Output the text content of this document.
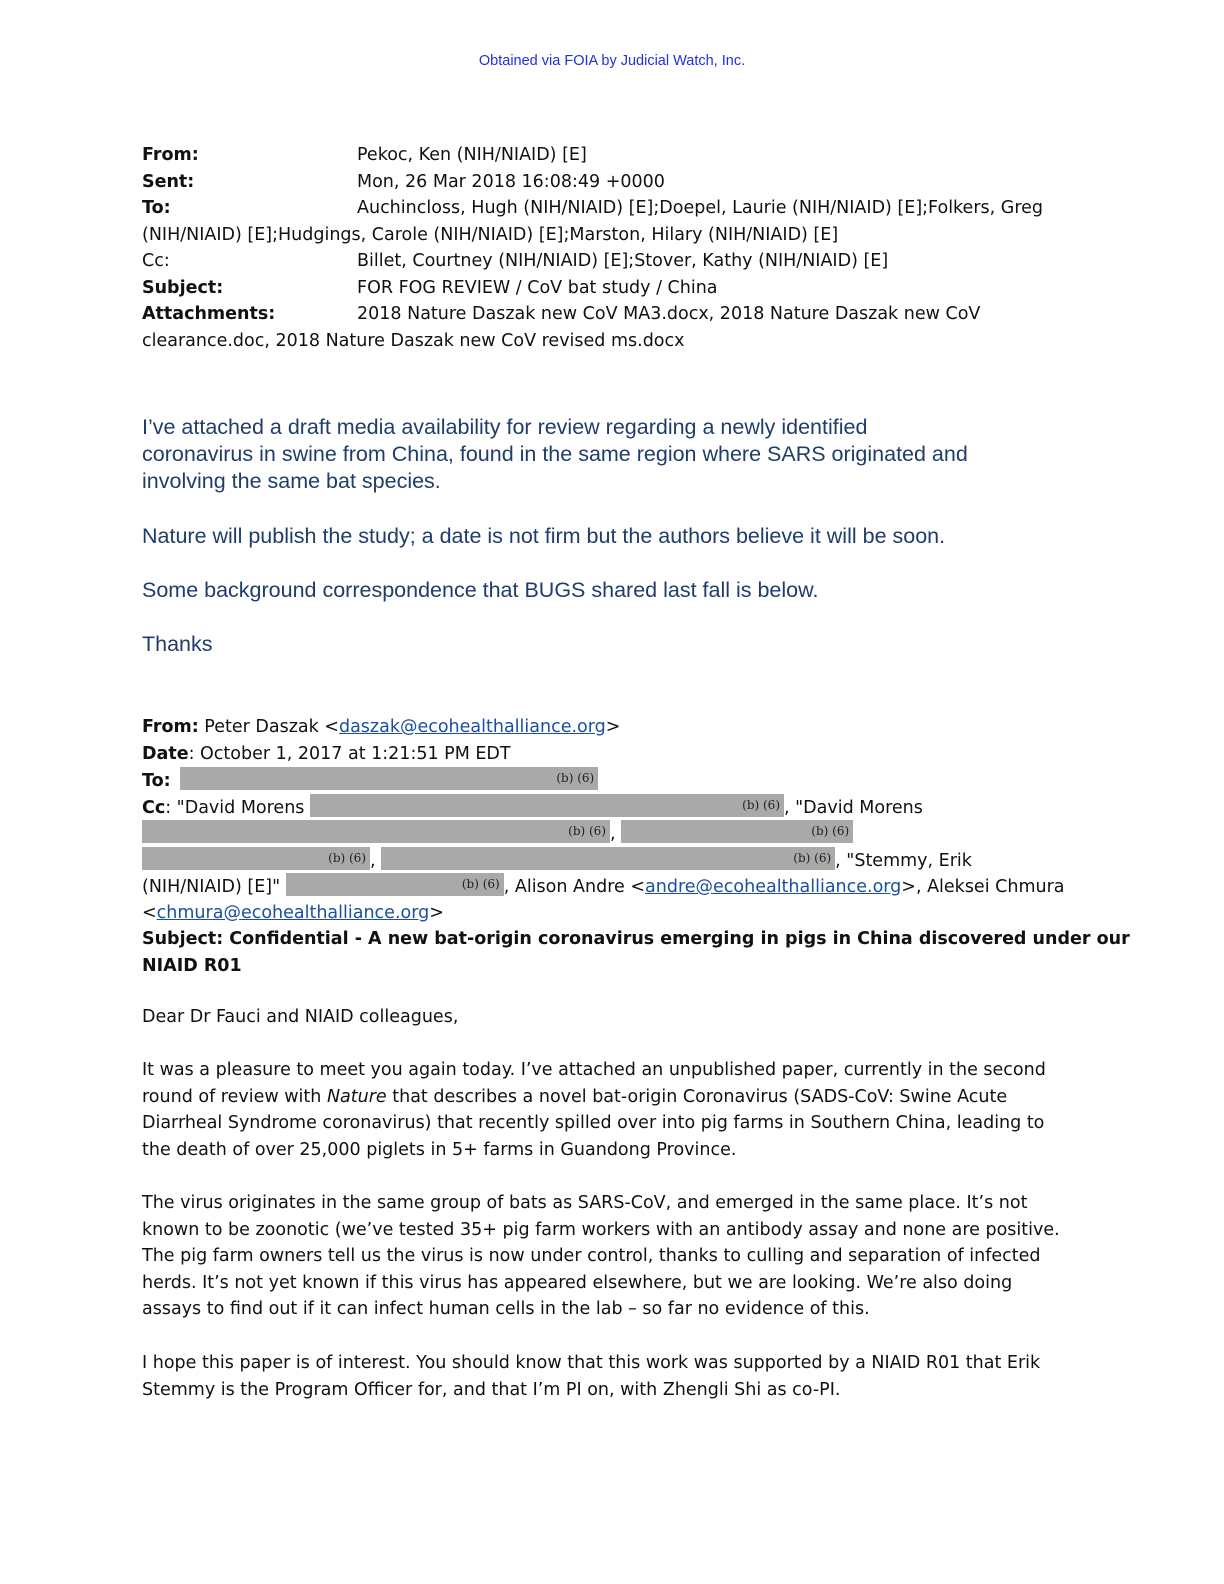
Obtained via FOIA by Judicial Watch, Inc.
From:	Pekoc, Ken (NIH/NIAID) [E]
Sent:	Mon, 26 Mar 2018 16:08:49 +0000
To:	Auchincloss, Hugh (NIH/NIAID) [E];Doepel, Laurie (NIH/NIAID) [E];Folkers, Greg
(NIH/NIAID) [E];Hudgings, Carole (NIH/NIAID) [E];Marston, Hilary (NIH/NIAID) [E]
Cc:	Billet, Courtney (NIH/NIAID) [E];Stover, Kathy (NIH/NIAID) [E]
Subject:	FOR FOG REVIEW / CoV bat study / China
Attachments:	2018 Nature Daszak new CoV MA3.docx, 2018 Nature Daszak new CoV
clearance.doc, 2018 Nature Daszak new CoV revised ms.docx

I’ve attached a draft media availability for review regarding a newly identified

coronavirus in swine from China, found in the same region where SARS originated and

involving the same bat species.

Nature will publish the study; a date is not firm but the authors believe it will be soon.

Some background correspondence that BUGS shared last fall is below.

Thanks

From: Peter Daszak <daszak@ecohealthalliance.org>
Date: October 1, 2017 at 1:21:51 PM EDT
To:	(b) (6)
Cc: "David Morens	(b) (6) , "David Morens
(b) (6) ,	(b) (6)
(b) (6) ,	(b) (6) , "Stemmy, Erik
(NIH/NIAID) [E]"	(b) (6) , Alison Andre <andre@ecohealthalliance.org>, Aleksei Chmura
<chmura@ecohealthalliance.org>
Subject: Confidential - A new bat-origin coronavirus emerging in pigs in China discovered under our
NIAID R01

Dear Dr Fauci and NIAID colleagues,

It was a pleasure to meet you again today. I’ve attached an unpublished paper, currently in the second

round of review with Nature that describes a novel bat-origin Coronavirus (SADS-CoV: Swine Acute

Diarrheal Syndrome coronavirus) that recently spilled over into pig farms in Southern China, leading to

the death of over 25,000 piglets in 5+ farms in Guandong Province.

The virus originates in the same group of bats as SARS-CoV, and emerged in the same place. It’s not

known to be zoonotic (we’ve tested 35+ pig farm workers with an antibody assay and none are positive.

The pig farm owners tell us the virus is now under control, thanks to culling and separation of infected

herds. It’s not yet known if this virus has appeared elsewhere, but we are looking. We’re also doing

assays to find out if it can infect human cells in the lab – so far no evidence of this.

I hope this paper is of interest. You should know that this work was supported by a NIAID R01 that Erik

Stemmy is the Program Officer for, and that I’m PI on, with Zhengli Shi as co-PI.
